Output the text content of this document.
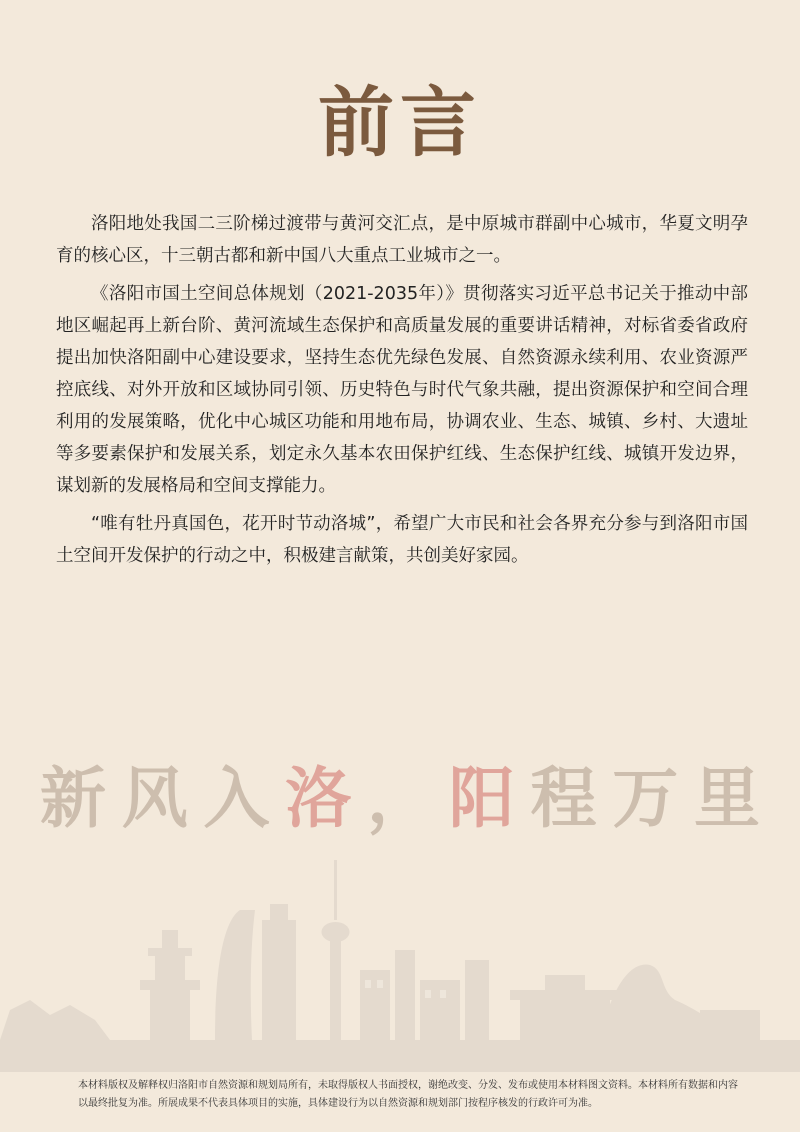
前言

洛阳地处我国二三阶梯过渡带与黄河交汇点，是中原城市群副中心城市，华夏文明孕育的核心区，十三朝古都和新中国八大重点工业城市之一。

《洛阳市国土空间总体规划（2021-2035年）》贯彻落实习近平总书记关于推动中部地区崛起再上新台阶、黄河流域生态保护和高质量发展的重要讲话精神，对标省委省政府提出加快洛阳副中心建设要求，坚持生态优先绿色发展、自然资源永续利用、农业资源严控底线、对外开放和区域协同引领、历史特色与时代气象共融，提出资源保护和空间合理利用的发展策略，优化中心城区功能和用地布局，协调农业、生态、城镇、乡村、大遗址等多要素保护和发展关系，划定永久基本农田保护红线、生态保护红线、城镇开发边界，谋划新的发展格局和空间支撑能力。

“唯有牡丹真国色，花开时节动洛城”，希望广大市民和社会各界充分参与到洛阳市国土空间开发保护的行动之中，积极建言献策，共创美好家园。

新 风 入 洛 ， 阳 程 万 里
本材料版权及解释权归洛阳市自然资源和规划局所有，未取得版权人书面授权，谢绝改变、分发、发布或使用本材料图文资料。本材料所有数据和内容以最终批复为准。所展成果不代表具体项目的实施，具体建设行为以自然资源和规划部门按程序核发的行政许可为准。
